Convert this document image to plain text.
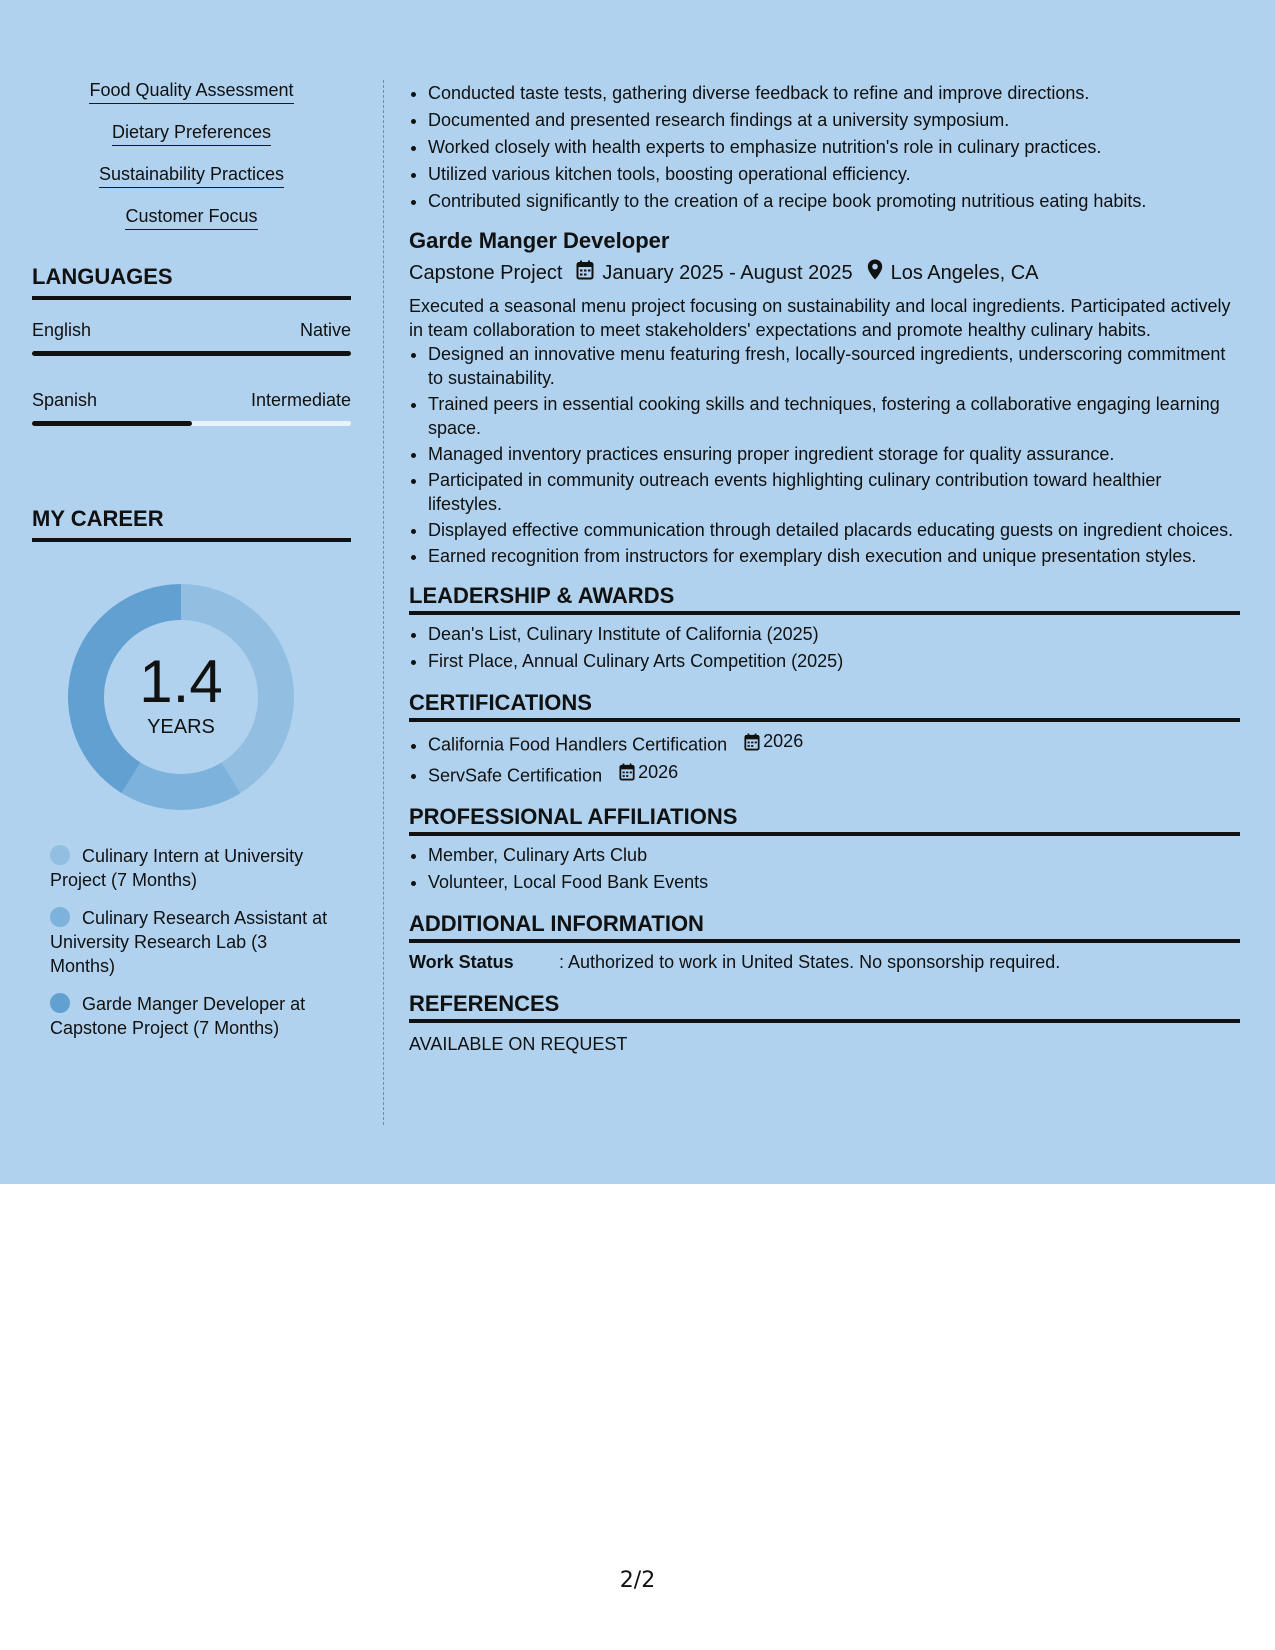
Food Quality Assessment
Dietary Preferences
Sustainability Practices
Customer Focus
LANGUAGES
English	Native
Spanish	Intermediate
MY CAREER
1.4
YEARS
Culinary Intern at University Project (7 Months)
Culinary Research Assistant at University Research Lab (3 Months)
Garde Manger Developer at Capstone Project (7 Months)
• Conducted taste tests, gathering diverse feedback to refine and improve directions.
• Documented and presented research findings at a university symposium.
• Worked closely with health experts to emphasize nutrition's role in culinary practices.
• Utilized various kitchen tools, boosting operational efficiency.
• Contributed significantly to the creation of a recipe book promoting nutritious eating habits.
Garde Manger Developer
Capstone Project January 2025 - August 2025 Los Angeles, CA
Executed a seasonal menu project focusing on sustainability and local ingredients. Participated actively in team collaboration to meet stakeholders' expectations and promote healthy culinary habits.
• Designed an innovative menu featuring fresh, locally-sourced ingredients, underscoring commitment to sustainability.
• Trained peers in essential cooking skills and techniques, fostering a collaborative engaging learning space.
• Managed inventory practices ensuring proper ingredient storage for quality assurance.
• Participated in community outreach events highlighting culinary contribution toward healthier lifestyles.
• Displayed effective communication through detailed placards educating guests on ingredient choices.
• Earned recognition from instructors for exemplary dish execution and unique presentation styles.
LEADERSHIP & AWARDS
• Dean's List, Culinary Institute of California (2025)
• First Place, Annual Culinary Arts Competition (2025)
CERTIFICATIONS
• California Food Handlers Certification 2026
• ServSafe Certification 2026
PROFESSIONAL AFFILIATIONS
• Member, Culinary Arts Club
• Volunteer, Local Food Bank Events
ADDITIONAL INFORMATION
Work Status	: Authorized to work in United States. No sponsorship required.
REFERENCES
AVAILABLE ON REQUEST
2/2
